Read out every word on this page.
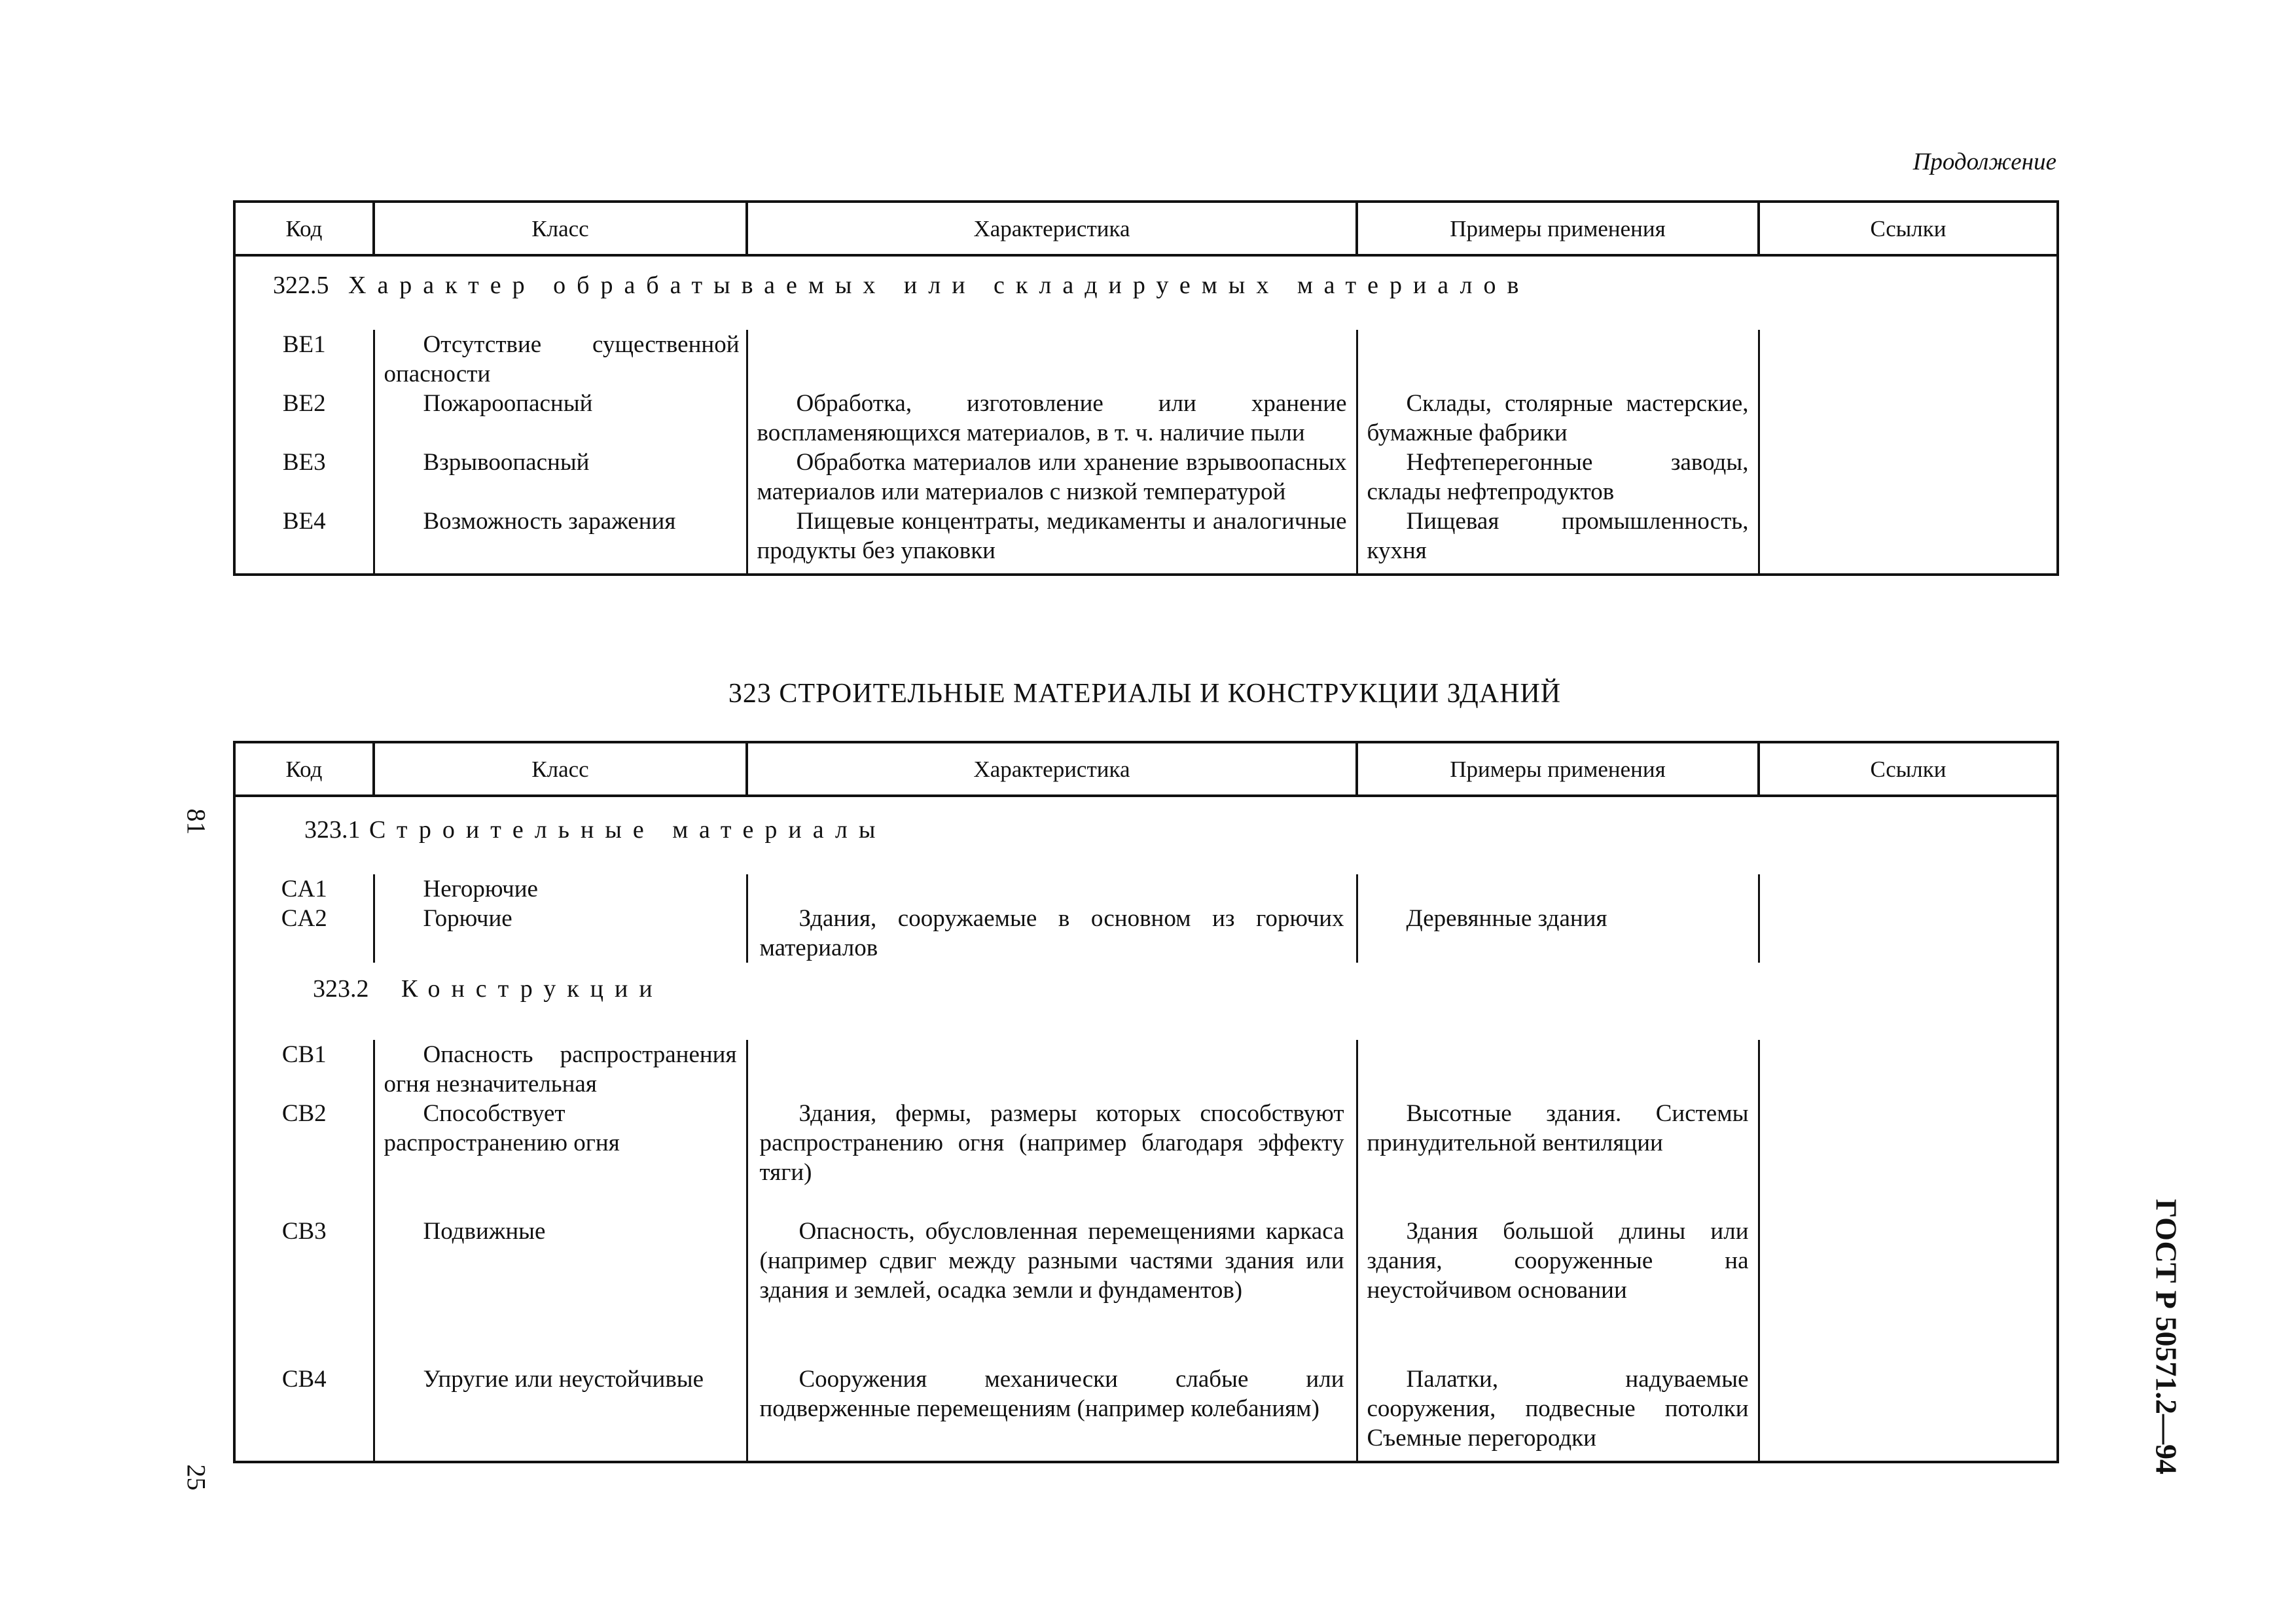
Продолжение
Код	Класс	Характеристика	Примеры применения	Ссылки
322.5 Характер обрабатываемых или складируемых материалов				
BE1	Отсутствие существенной опасности			
BE2	Пожароопасный	Обработка, изготовление или хранение воспламеняющихся материалов, в т. ч. наличие пыли	Склады, столярные мастерские, бумажные фабрики	
BE3	Взрывоопасный	Обработка материалов или хранение взрывоопасных материалов или материалов с низкой температурой	Нефтеперегонные заводы, склады нефтепродуктов	
BE4	Возможность заражения	Пищевые концентраты, медикаменты и аналогичные продукты без упаковки	Пищевая промышленность, кухня	

323 СТРОИТЕЛЬНЫЕ МАТЕРИАЛЫ И КОНСТРУКЦИИ ЗДАНИЙ
Код	Класс	Характеристика	Примеры применения	Ссылки
323.1 Строительные материалы				
CA1	Негорючие			
CA2	Горючие	Здания, сооружаемые в основном из горючих материалов	Деревянные здания	
323.2 Конструкции				
CB1	Опасность распространения огня незначительная			
CB2	Способствует распространению огня	Здания, фермы, размеры которых способствуют распространению огня (например благодаря эффекту тяги)	Высотные здания. Системы принудительной вентиляции	
CB3	Подвижные	Опасность, обусловленная перемещениями каркаса (например сдвиг между разными частями здания или здания и землей, осадка земли и фундаментов)	Здания большой длины или здания, сооруженные на неустойчивом основании	
CB4	Упругие или неустойчивые	Сооружения механически слабые или подверженные перемещениям (например колебаниям)	Палатки, надуваемые сооружения, подвесные потолки Съемные перегородки	

81
25
ГОСТ Р 50571.2—94
